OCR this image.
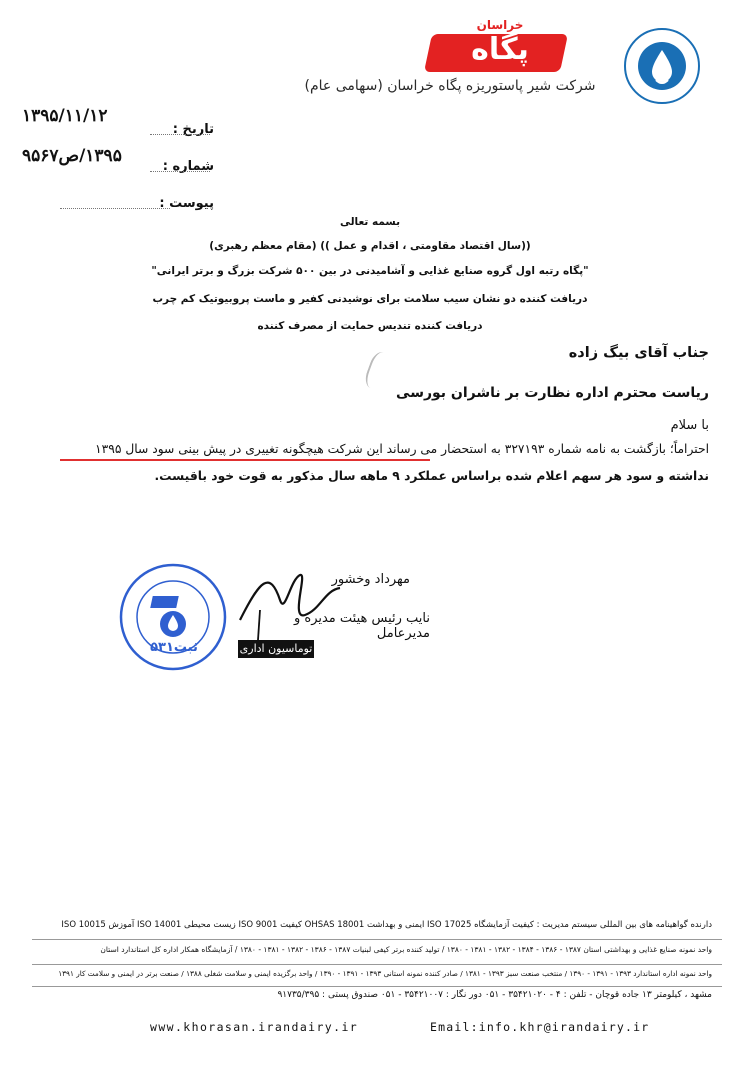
خراسان
پگاه
شرکت شیر پاستوریزه پگاه خراسان (سهامی عام)
تاریخ :
۱۳۹۵/۱۱/۱۲
شماره :
۱۳۹۵/ص۹۵۶۷
پیوست :
بسمه تعالی
((سال اقتصاد مقاومتی ، اقدام و عمل )) (مقام معظم رهبری)
"پگاه رتبه اول گروه صنایع غذایی و آشامیدنی در بین ۵۰۰ شرکت بزرگ و برتر ایرانی"
دریافت کننده دو نشان سیب سلامت برای نوشیدنی کفیر و ماست پروبیوتیک کم چرب
دریافت کننده تندیس حمایت از مصرف کننده
جناب آقای بیگ زاده
ریاست محترم اداره نظارت بر ناشران بورسی
با سلام
احتراماً؛ بازگشت به نامه شماره ۳۲۷۱۹۳ به استحضار می رساند این شرکت هیچگونه تغییری در پیش بینی سود سال ۱۳۹۵
نداشته و سود هر سهم اعلام شده براساس عملکرد ۹ ماهه سال مذکور به قوت خود باقیست.
ثبت۵۳۱
مهرداد وخشور
نایب رئیس هیئت مدیره و مدیرعامل
توماسیون اداری
دارنده گواهینامه های بین المللی سیستم مدیریت : کیفیت آزمایشگاه ISO 17025 ایمنی و بهداشت OHSAS 18001 کیفیت ISO 9001 زیست محیطی ISO 14001 آموزش ISO 10015
واحد نمونه صنایع غذایی و بهداشتی استان ۱۳۸۷ - ۱۳۸۶ - ۱۳۸۴ - ۱۳۸۲ - ۱۳۸۱ - ۱۳۸۰ / تولید کننده برتر کیفی لبنیات ۱۳۸۷ - ۱۳۸۶ - ۱۳۸۲ - ۱۳۸۱ - ۱۳۸۰ / آزمایشگاه همکار اداره کل استاندارد استان
واحد نمونه اداره استاندارد ۱۳۹۳ - ۱۳۹۱ - ۱۳۹۰ / منتخب صنعت سبز ۱۳۹۳ - ۱۳۸۱ / صادر کننده نمونه استانی ۱۳۹۳ - ۱۳۹۱ - ۱۳۹۰ / واحد برگزیده ایمنی و سلامت شغلی ۱۳۸۸ / صنعت برتر در ایمنی و سلامت کار ۱۳۹۱
مشهد ، کیلومتر ۱۳ جاده قوچان - تلفن : ۴ - ۳۵۴۲۱۰۲۰ - ۰۵۱ دور نگار : ۳۵۴۲۱۰۰۷ - ۰۵۱ صندوق پستی : ۹۱۷۳۵/۳۹۵
www.khorasan.irandairy.ir	Email:info.khr@irandairy.ir
